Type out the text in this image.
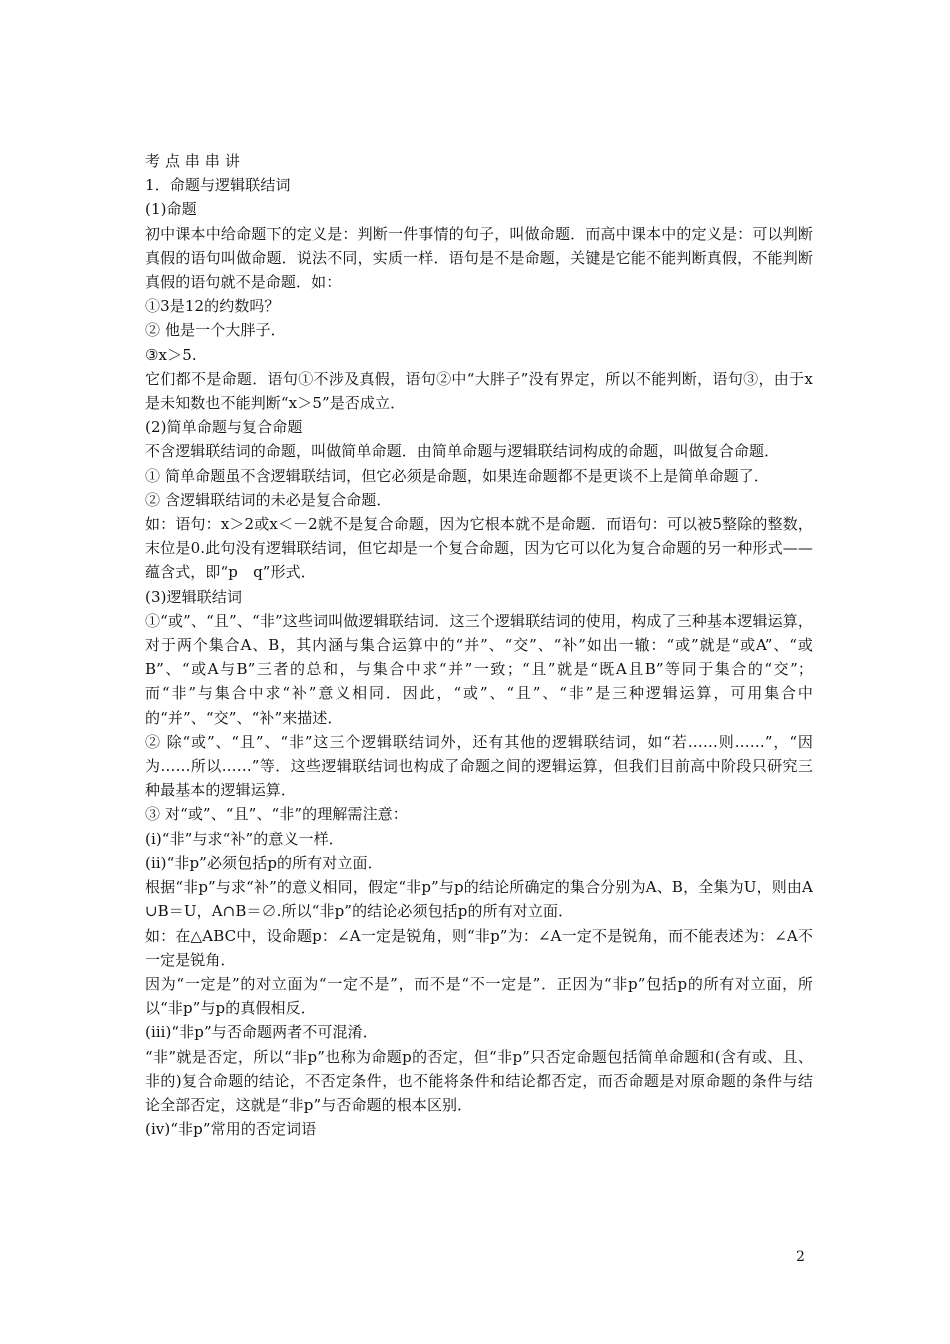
考 点 串 串 讲

1．命题与逻辑联结词

(1)命题

初中课本中给命题下的定义是：判断一件事情的句子，叫做命题．而高中课本中的定义是：可以判断真假的语句叫做命题．说法不同，实质一样．语句是不是命题，关键是它能不能判断真假，不能判断真假的语句就不是命题．如：

①3是12的约数吗？

② 他是一个大胖子．

③x＞5.

它们都不是命题．语句①不涉及真假，语句②中“大胖子”没有界定，所以不能判断，语句③，由于x是未知数也不能判断“x＞5”是否成立．

(2)简单命题与复合命题

不含逻辑联结词的命题，叫做简单命题．由简单命题与逻辑联结词构成的命题，叫做复合命题．

① 简单命题虽不含逻辑联结词，但它必须是命题，如果连命题都不是更谈不上是简单命题了．

② 含逻辑联结词的未必是复合命题．

如：语句：x＞2或x＜－2就不是复合命题，因为它根本就不是命题．而语句：可以被5整除的整数，末位是0.此句没有逻辑联结词，但它却是一个复合命题，因为它可以化为复合命题的另一种形式——蕴含式，即“p　q”形式．

(3)逻辑联结词

①“或”、“且”、“非”这些词叫做逻辑联结词．这三个逻辑联结词的使用，构成了三种基本逻辑运算，对于两个集合A、B，其内涵与集合运算中的“并”、“交”、“补”如出一辙：“或”就是“或A”、“或B”、“或A与B”三者的总和，与集合中求“并”一致；“且”就是“既A且B”等同于集合的“交”；而“非”与集合中求“补”意义相同．因此，“或”、“且”、“非”是三种逻辑运算，可用集合中的“并”、“交”、“补”来描述．

② 除“或”、“且”、“非”这三个逻辑联结词外，还有其他的逻辑联结词，如“若……则……”，“因为……所以……”等．这些逻辑联结词也构成了命题之间的逻辑运算，但我们目前高中阶段只研究三种最基本的逻辑运算．

③ 对“或”、“且”、“非”的理解需注意：

(ⅰ)“非”与求“补”的意义一样．

(ⅱ)“非p”必须包括p的所有对立面．

根据“非p”与求“补”的意义相同，假定“非p”与p的结论所确定的集合分别为A、B，全集为U，则由A∪B＝U，A∩B＝∅.所以“非p”的结论必须包括p的所有对立面．

如：在△ABC中，设命题p：∠A一定是锐角，则“非p”为：∠A一定不是锐角，而不能表述为：∠A不一定是锐角．

因为“一定是”的对立面为“一定不是”，而不是“不一定是”．正因为“非p”包括p的所有对立面，所以“非p”与p的真假相反．

(ⅲ)“非p”与否命题两者不可混淆．

“非”就是否定，所以“非p”也称为命题p的否定，但“非p”只否定命题包括简单命题和(含有或、且、非的)复合命题的结论，不否定条件，也不能将条件和结论都否定，而否命题是对原命题的条件与结论全部否定，这就是“非p”与否命题的根本区别．

(ⅳ)“非p”常用的否定词语

2
